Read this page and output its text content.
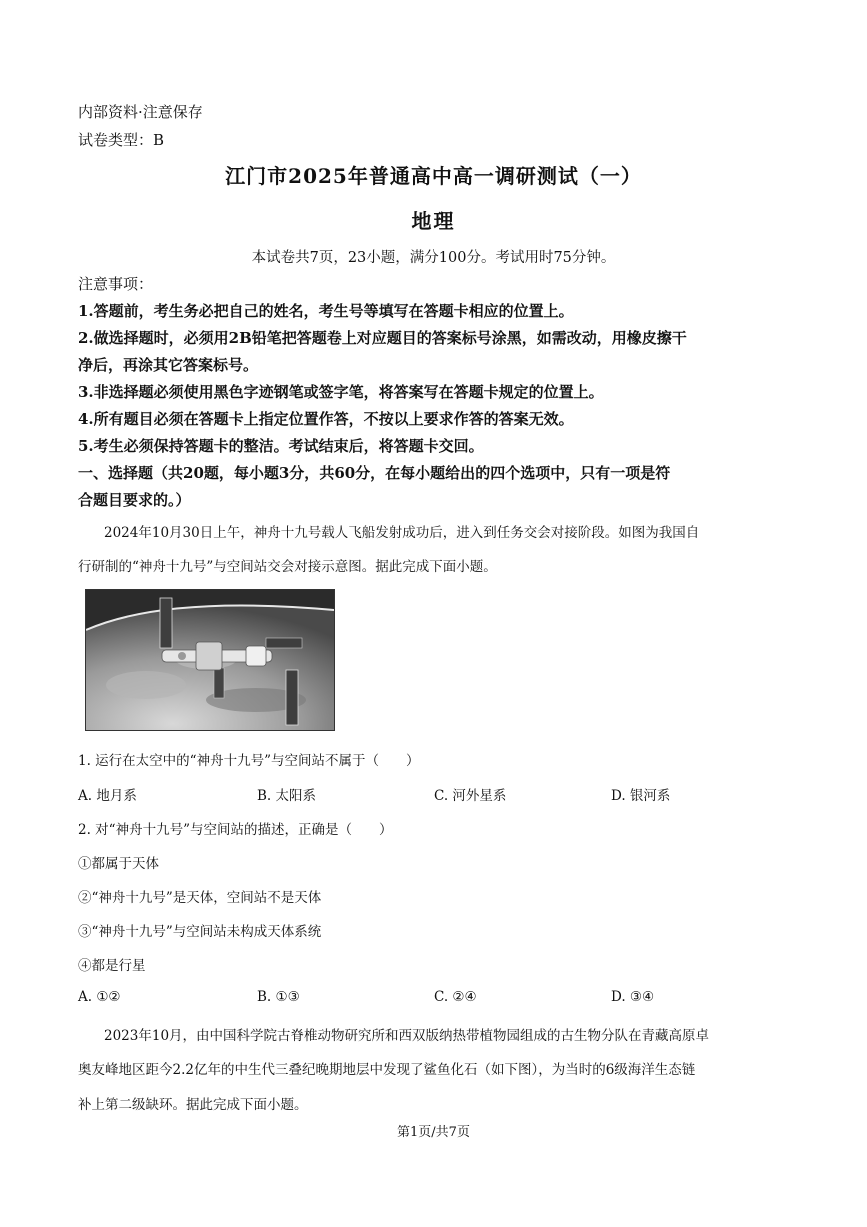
内部资料·注意保存
试卷类型：B
江门市2025年普通高中高一调研测试（一）
地理
本试卷共7页，23小题，满分100分。考试用时75分钟。
注意事项：
1.答题前，考生务必把自己的姓名，考生号等填写在答题卡相应的位置上。
2.做选择题时，必须用2B铅笔把答题卷上对应题目的答案标号涂黑，如需改动，用橡皮擦干
净后，再涂其它答案标号。
3.非选择题必须使用黑色字迹钢笔或签字笔，将答案写在答题卡规定的位置上。
4.所有题目必须在答题卡上指定位置作答，不按以上要求作答的答案无效。
5.考生必须保持答题卡的整洁。考试结束后，将答题卡交回。
一、选择题（共20题，每小题3分，共60分，在每小题给出的四个选项中，只有一项是符
合题目要求的。）
2024年10月30日上午，神舟十九号载人飞船发射成功后，进入到任务交会对接阶段。如图为我国自
行研制的“神舟十九号”与空间站交会对接示意图。据此完成下面小题。
1. 运行在太空中的“神舟十九号”与空间站不属于（　　）
A. 地月系	B. 太阳系	C. 河外星系	D. 银河系
2. 对“神舟十九号”与空间站的描述，正确是（　　）
①都属于天体
②“神舟十九号”是天体，空间站不是天体
③“神舟十九号”与空间站未构成天体系统
④都是行星
A. ①②	B. ①③	C. ②④	D. ③④
2023年10月，由中国科学院古脊椎动物研究所和西双版纳热带植物园组成的古生物分队在青藏高原卓
奥友峰地区距今2.2亿年的中生代三叠纪晚期地层中发现了鲨鱼化石（如下图），为当时的6级海洋生态链
补上第二级缺环。据此完成下面小题。
第1页/共7页
